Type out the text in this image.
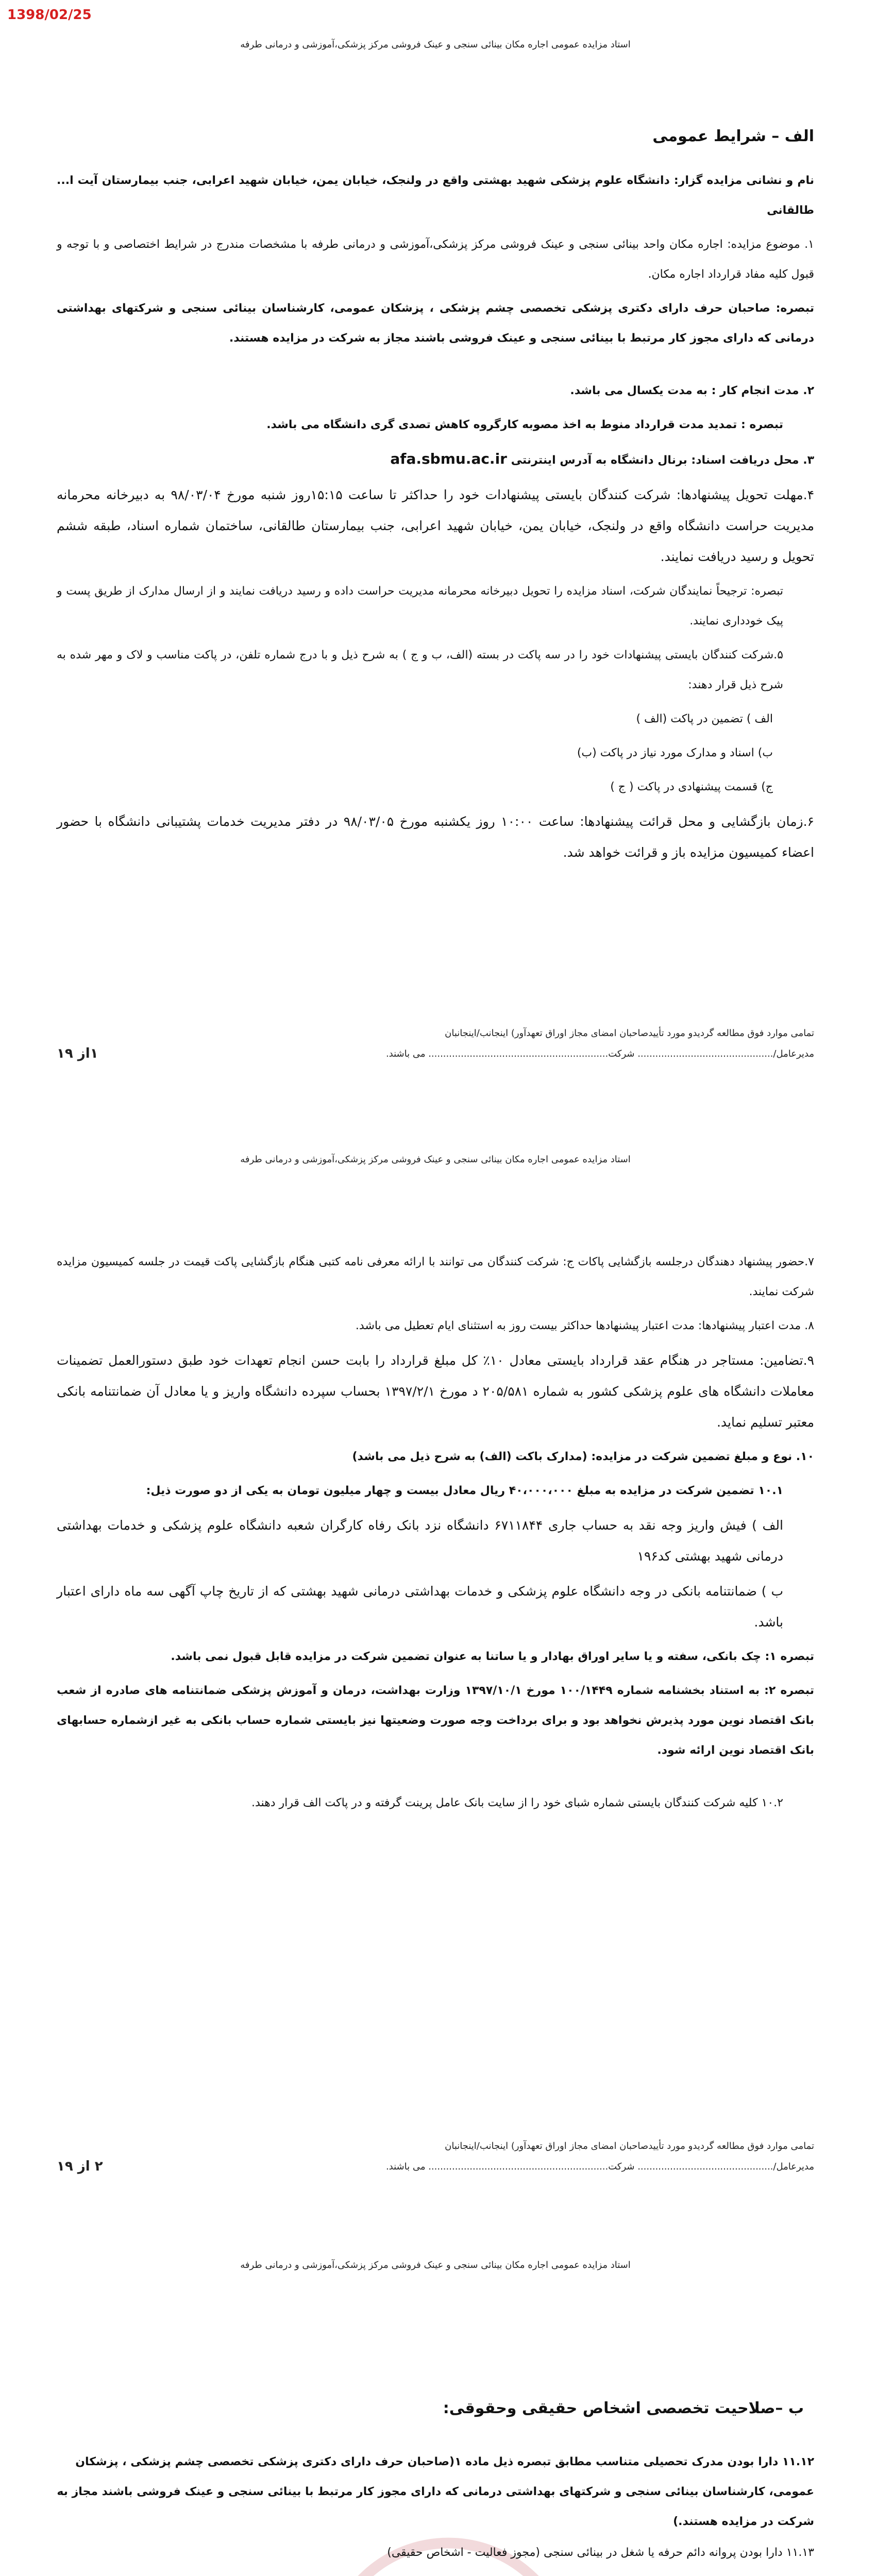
1398/02/25
استاد مزایده عمومی اجاره مکان بینائی سنجی و عینک فروشی مرکز پزشکی،آموزشی و درمانی طرفه
الف – شرایط عمومی

نام و نشانی مزایده گزار: دانشگاه علوم پزشکی شهید بهشتی واقع در ولنجک، خیابان یمن، خیابان شهید اعرابی، جنب بیمارستان آیت ا... طالقانی

۱. موضوع مزایده: اجاره مکان واحد بینائی سنجی و عینک فروشی مرکز پزشکی،آموزشی و درمانی طرفه با مشخصات مندرج در شرایط اختصاصی و با توجه و قبول کلیه مفاد قرارداد اجاره مکان.

تبصره: صاحبان حرف دارای دکتری پزشکی تخصصی چشم پزشکی ، پزشکان عمومی، کارشناسان بینائی سنجی و شرکتهای بهداشتی درمانی که دارای مجوز کار مرتبط با بینائی سنجی و عینک فروشی باشند مجاز به شرکت در مزایده هستند.

۲. مدت انجام کار : به مدت یکسال می باشد.

تبصره : تمدید مدت قرارداد منوط به اخذ مصوبه کارگروه کاهش تصدی گری دانشگاه می باشد.

۳. محل دریافت اسناد: برنال دانشگاه به آدرس اینترنتی afa.sbmu.ac.ir

۴.مهلت تحویل پیشنهادها: شرکت کنندگان بایستی پیشنهادات خود را حداکثر تا ساعت ۱۵:۱۵روز شنبه مورخ ۹۸/۰۳/۰۴ به دبیرخانه محرمانه مدیریت حراست دانشگاه واقع در ولنجک، خیابان یمن، خیابان شهید اعرابی، جنب بیمارستان طالقانی، ساختمان شماره اسناد، طبقه ششم تحویل و رسید دریافت نمایند.

تبصره: ترجیحاً نمایندگان شرکت، اسناد مزایده را تحویل دبیرخانه محرمانه مدیریت حراست داده و رسید دریافت نمایند و از ارسال مدارک از طریق پست و پیک خودداری نمایند.

۵.شرکت کنندگان بایستی پیشنهادات خود را در سه پاکت در بسته (الف، ب و ج ) به شرح ذیل و با درج شماره تلفن، در پاکت مناسب و لاک و مهر شده به شرح ذیل قرار دهند:

الف ) تضمین در پاکت (الف )

ب) اسناد و مدارک مورد نیاز در پاکت (ب)

ج) قسمت پیشنهادی در پاکت ( ج )

۶.زمان بازگشایی و محل قرائت پیشنهادها: ساعت ۱۰:۰۰ روز یکشنبه مورخ ۹۸/۰۳/۰۵ در دفتر مدیریت خدمات پشتیبانی دانشگاه با حضور اعضاء کمیسیون مزایده باز و قرائت خواهد شد.

تمامی موارد فوق مطالعه گردیدو مورد تأییدصاحبان امضای مجاز اوراق تعهدآور) اینجانب/اینجانبان
مدیرعامل/.............................................. شرکت............................................................. می باشند.
۱از ۱۹
استاد مزایده عمومی اجاره مکان بینائی سنجی و عینک فروشی مرکز پزشکی،آموزشی و درمانی طرفه

۷.حضور پیشنهاد دهندگان درجلسه بازگشایی پاکات ج: شرکت کنندگان می توانند با ارائه معرفی نامه کتبی هنگام بازگشایی پاکت قیمت در جلسه کمیسیون مزایده شرکت نمایند.

۸. مدت اعتبار پیشنهادها: مدت اعتبار پیشنهادها حداکثر بیست روز به استثنای ایام تعطیل می باشد.

۹.تضامین: مستاجر در هنگام عقد قرارداد بایستی معادل ۱۰٪ کل مبلغ قرارداد را بابت حسن انجام تعهدات خود طبق دستورالعمل تضمینات معاملات دانشگاه های علوم پزشکی کشور به شماره ۲۰۵/۵۸۱ د مورخ ۱۳۹۷/۲/۱ بحساب سپرده دانشگاه واریز و یا معادل آن ضمانتنامه بانکی معتبر تسلیم نماید.

۱۰. نوع و مبلغ تضمین شرکت در مزایده: (مدارک باکت (الف) به شرح ذیل می باشد)

۱۰.۱ تضمین شرکت در مزایده به مبلغ ۴۰،۰۰۰،۰۰۰ ریال معادل بیست و چهار میلیون تومان به یکی از دو صورت ذیل:

الف ) فیش واریز وجه نقد به حساب جاری ۶۷۱۱۸۴۴ دانشگاه نزد بانک رفاه کارگران شعبه دانشگاه علوم پزشکی و خدمات بهداشتی درمانی شهید بهشتی کد۱۹۶

ب ) ضمانتنامه بانکی در وجه دانشگاه علوم پزشکی و خدمات بهداشتی درمانی شهید بهشتی که از تاریخ چاپ آگهی سه ماه دارای اعتبار باشد.

تبصره ۱: چک بانکی، سفته و یا سایر اوراق بهادار و یا ساتنا به عنوان تضمین شرکت در مزایده قابل قبول نمی باشد.

تبصره ۲: به استناد بخشنامه شماره ۱۰۰/۱۴۴۹ مورخ ۱۳۹۷/۱۰/۱ وزارت بهداشت، درمان و آموزش پزشکی ضمانتنامه های صادره از شعب بانک اقتصاد نوین مورد پذیرش نخواهد بود و برای برداخت وجه صورت وضعیتها نیز بایستی شماره حساب بانکی به غیر ازشماره حسابهای بانک اقتصاد نوین ارائه شود.

۱۰.۲ کلیه شرکت کنندگان بایستی شماره شبای خود را از سایت بانک عامل پرینت گرفته و در پاکت الف قرار دهند.

تمامی موارد فوق مطالعه گردیدو مورد تأییدصاحبان امضای مجاز اوراق تعهدآور) اینجانب/اینجانبان
مدیرعامل/.............................................. شرکت............................................................. می باشند.
۲ از ۱۹
استاد مزایده عمومی اجاره مکان بینائی سنجی و عینک فروشی مرکز پزشکی،آموزشی و درمانی طرفه
ب –صلاحیت تخصصی اشخاص حقیقی وحقوقی:

۱۱.۱۲ دارا بودن مدرک تحصیلی متناسب مطابق تبصره ذیل ماده ۱(صاحبان حرف دارای دکتری پزشکی تخصصی چشم پزشکی ، پزشکان عمومی، کارشناسان بینائی سنجی و شرکتهای بهداشتی درمانی که دارای مجوز کار مرتبط با بینائی سنجی و عینک فروشی باشند مجاز به شرکت در مزایده هستند.)

۱۱.۱۳ دارا بودن پروانه دائم حرفه یا شغل در بینائی سنجی (مجوز فعالیت - اشخاص حقیقی)
